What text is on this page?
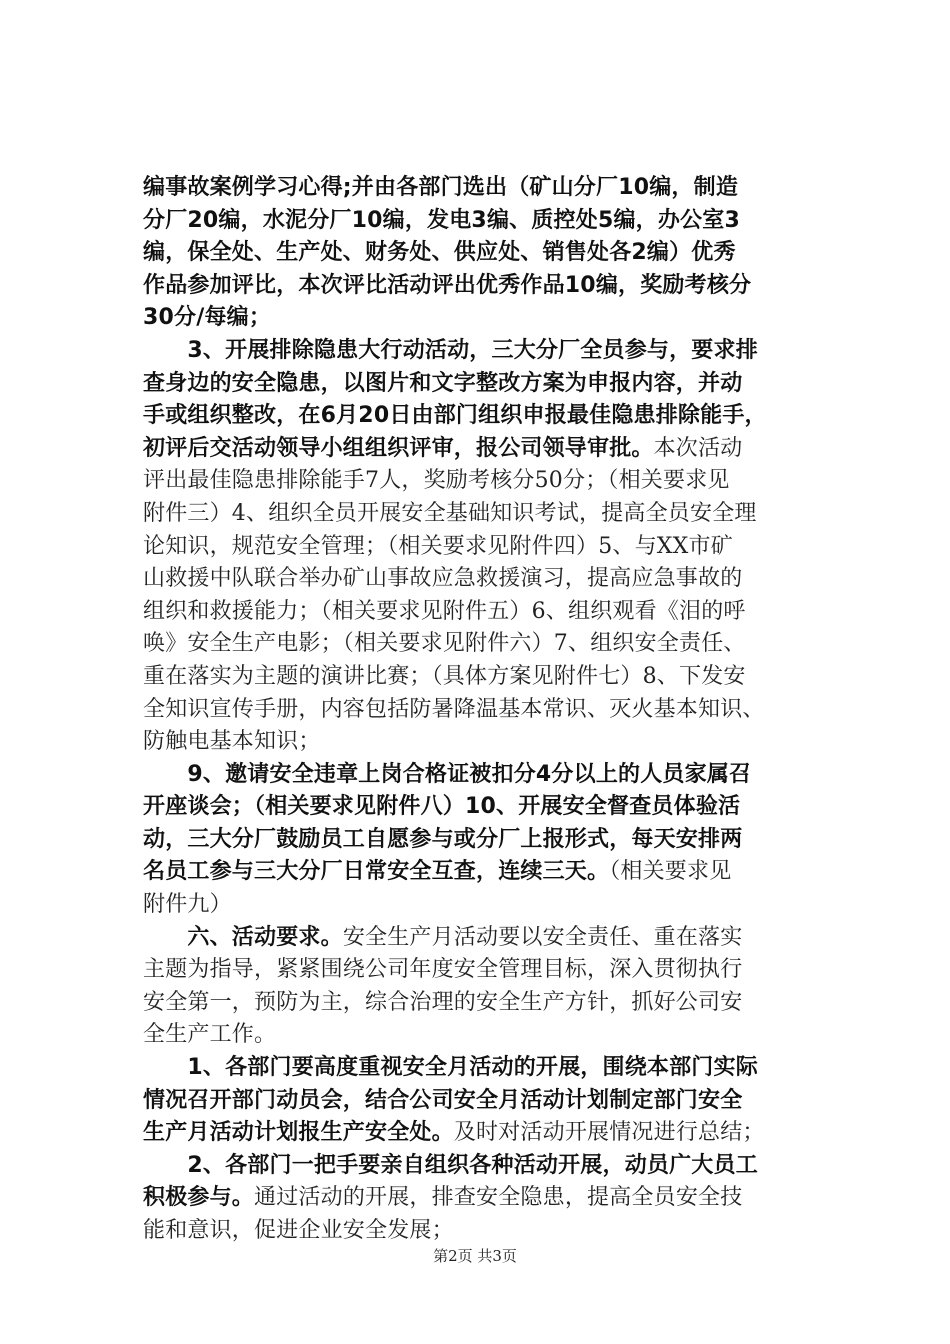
编事故案例学习心得;并由各部门选出（矿山分厂10编，制造
分厂20编，水泥分厂10编，发电3编、质控处5编，办公室3
编，保全处、生产处、财务处、供应处、销售处各2编）优秀
作品参加评比，本次评比活动评出优秀作品10编，奖励考核分
30分/每编；
　　3、开展排除隐患大行动活动，三大分厂全员参与，要求排
查身边的安全隐患，以图片和文字整改方案为申报内容，并动
手或组织整改，在6月20日由部门组织申报最佳隐患排除能手，
初评后交活动领导小组组织评审，报公司领导审批。本次活动
评出最佳隐患排除能手7人，奖励考核分50分；（相关要求见
附件三）4、组织全员开展安全基础知识考试，提高全员安全理
论知识，规范安全管理；（相关要求见附件四）5、与XX市矿
山救援中队联合举办矿山事故应急救援演习，提高应急事故的
组织和救援能力；（相关要求见附件五）6、组织观看《泪的呼
唤》安全生产电影；（相关要求见附件六）7、组织安全责任、
重在落实为主题的演讲比赛；（具体方案见附件七）8、下发安
全知识宣传手册，内容包括防暑降温基本常识、灭火基本知识、
防触电基本知识；
　　9、邀请安全违章上岗合格证被扣分4分以上的人员家属召
开座谈会；（相关要求见附件八）10、开展安全督查员体验活
动，三大分厂鼓励员工自愿参与或分厂上报形式，每天安排两
名员工参与三大分厂日常安全互查，连续三天。（相关要求见
附件九）
　　六、活动要求。安全生产月活动要以安全责任、重在落实
主题为指导，紧紧围绕公司年度安全管理目标，深入贯彻执行
安全第一，预防为主，综合治理的安全生产方针，抓好公司安
全生产工作。
　　1、各部门要高度重视安全月活动的开展，围绕本部门实际
情况召开部门动员会，结合公司安全月活动计划制定部门安全
生产月活动计划报生产安全处。及时对活动开展情况进行总结；
　　2、各部门一把手要亲自组织各种活动开展，动员广大员工
积极参与。通过活动的开展，排查安全隐患，提高全员安全技
能和意识，促进企业安全发展；
第2页 共3页
